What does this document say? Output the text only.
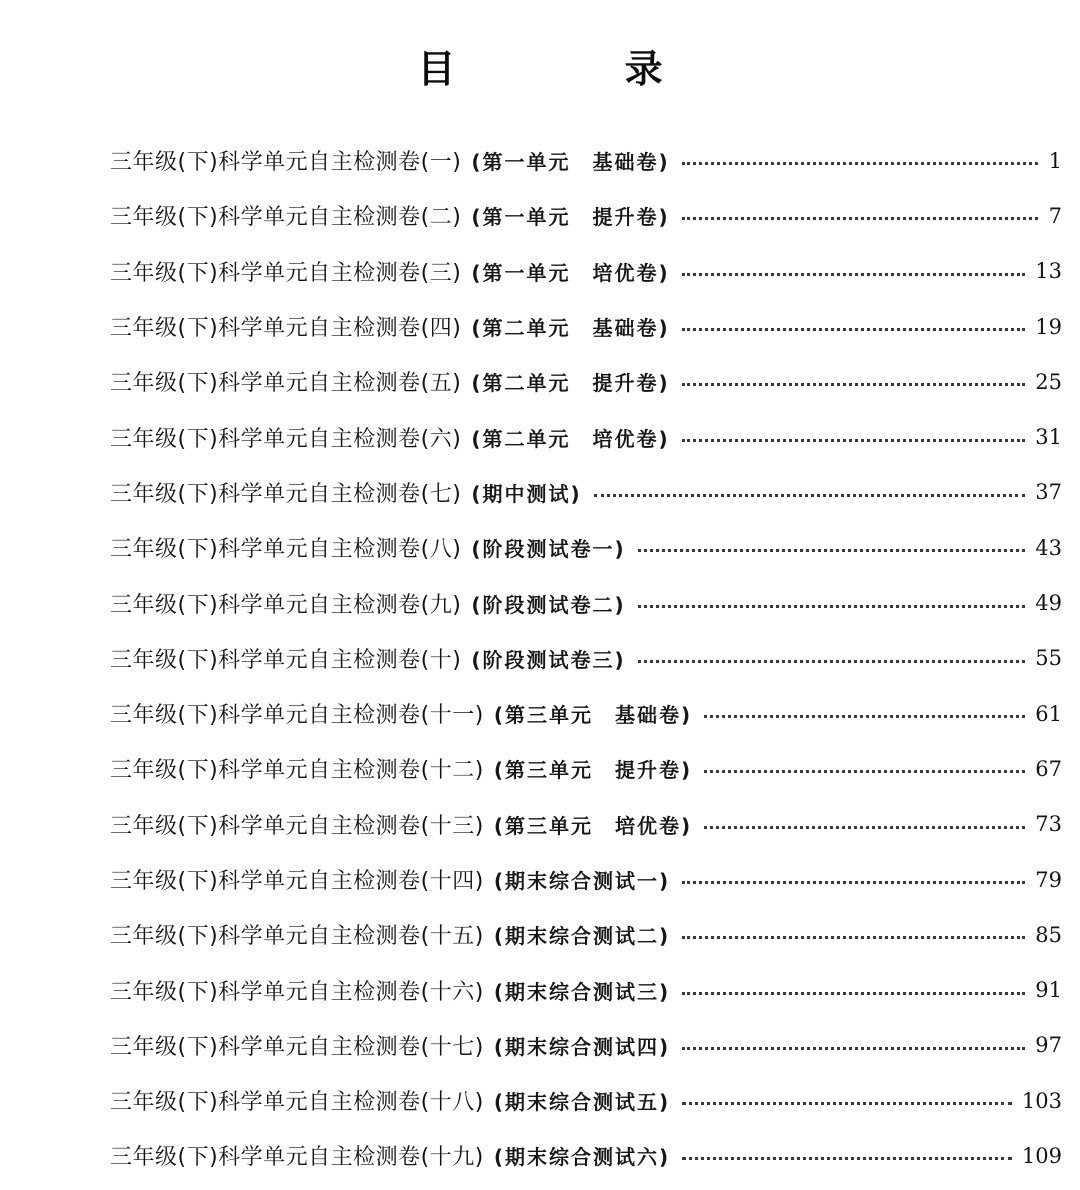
目 录
三年级(下)科学单元自主检测卷(一) (第一单元　基础卷)	1
三年级(下)科学单元自主检测卷(二) (第一单元　提升卷)	7
三年级(下)科学单元自主检测卷(三) (第一单元　培优卷)	13
三年级(下)科学单元自主检测卷(四) (第二单元　基础卷)	19
三年级(下)科学单元自主检测卷(五) (第二单元　提升卷)	25
三年级(下)科学单元自主检测卷(六) (第二单元　培优卷)	31
三年级(下)科学单元自主检测卷(七) (期中测试)	37
三年级(下)科学单元自主检测卷(八) (阶段测试卷一)	43
三年级(下)科学单元自主检测卷(九) (阶段测试卷二)	49
三年级(下)科学单元自主检测卷(十) (阶段测试卷三)	55
三年级(下)科学单元自主检测卷(十一) (第三单元　基础卷)	61
三年级(下)科学单元自主检测卷(十二) (第三单元　提升卷)	67
三年级(下)科学单元自主检测卷(十三) (第三单元　培优卷)	73
三年级(下)科学单元自主检测卷(十四) (期末综合测试一)	79
三年级(下)科学单元自主检测卷(十五) (期末综合测试二)	85
三年级(下)科学单元自主检测卷(十六) (期末综合测试三)	91
三年级(下)科学单元自主检测卷(十七) (期末综合测试四)	97
三年级(下)科学单元自主检测卷(十八) (期末综合测试五)	103
三年级(下)科学单元自主检测卷(十九) (期末综合测试六)	109
